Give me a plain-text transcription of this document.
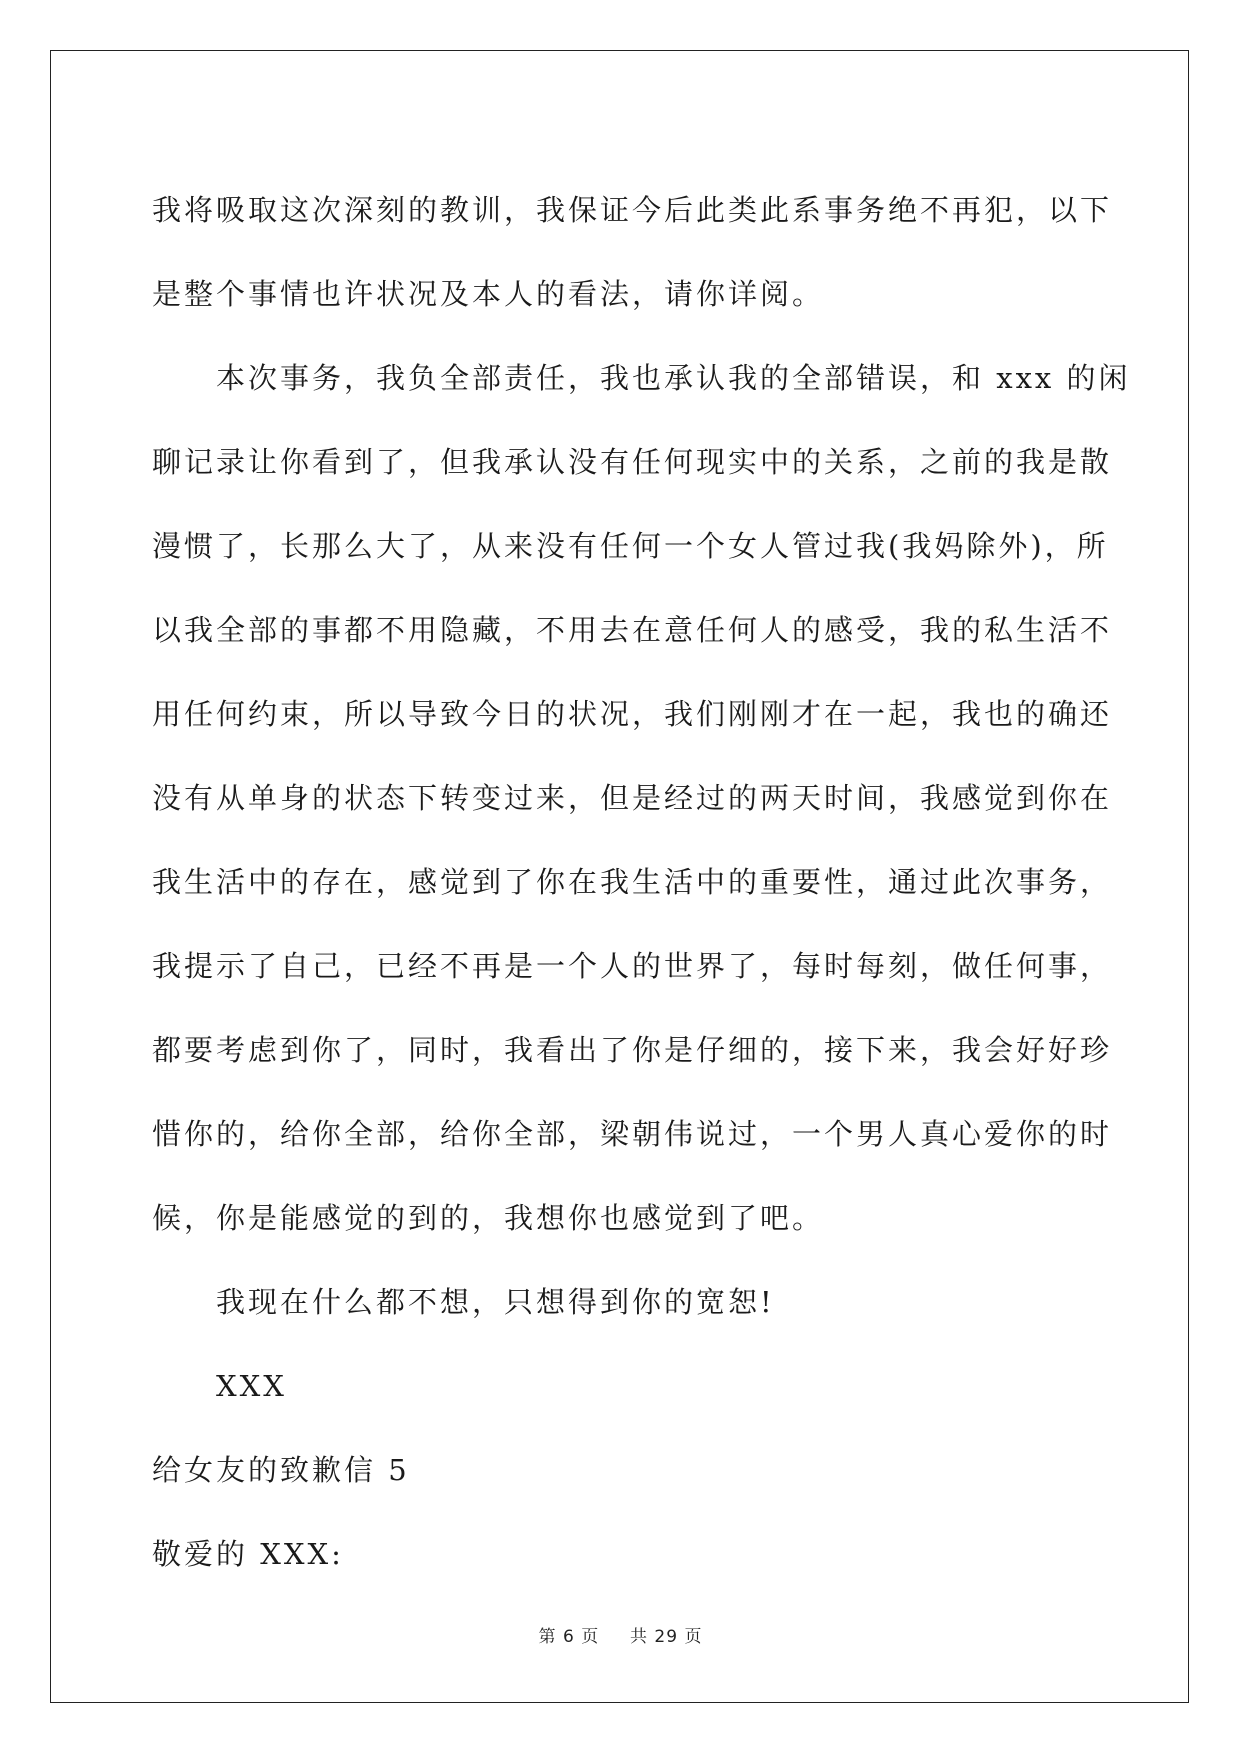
我将吸取这次深刻的教训，我保证今后此类此系事务绝不再犯，以下
是整个事情也许状况及本人的看法，请你详阅。
本次事务，我负全部责任，我也承认我的全部错误，和 xxx 的闲
聊记录让你看到了，但我承认没有任何现实中的关系，之前的我是散
漫惯了，长那么大了，从来没有任何一个女人管过我(我妈除外)，所
以我全部的事都不用隐藏，不用去在意任何人的感受，我的私生活不
用任何约束，所以导致今日的状况，我们刚刚才在一起，我也的确还
没有从单身的状态下转变过来，但是经过的两天时间，我感觉到你在
我生活中的存在，感觉到了你在我生活中的重要性，通过此次事务，
我提示了自己，已经不再是一个人的世界了，每时每刻，做任何事，
都要考虑到你了，同时，我看出了你是仔细的，接下来，我会好好珍
惜你的，给你全部，给你全部，梁朝伟说过，一个男人真心爱你的时
候，你是能感觉的到的，我想你也感觉到了吧。
我现在什么都不想，只想得到你的宽恕!
XXX
给女友的致歉信 5
敬爱的 XXX:
第 6 页 共 29 页
